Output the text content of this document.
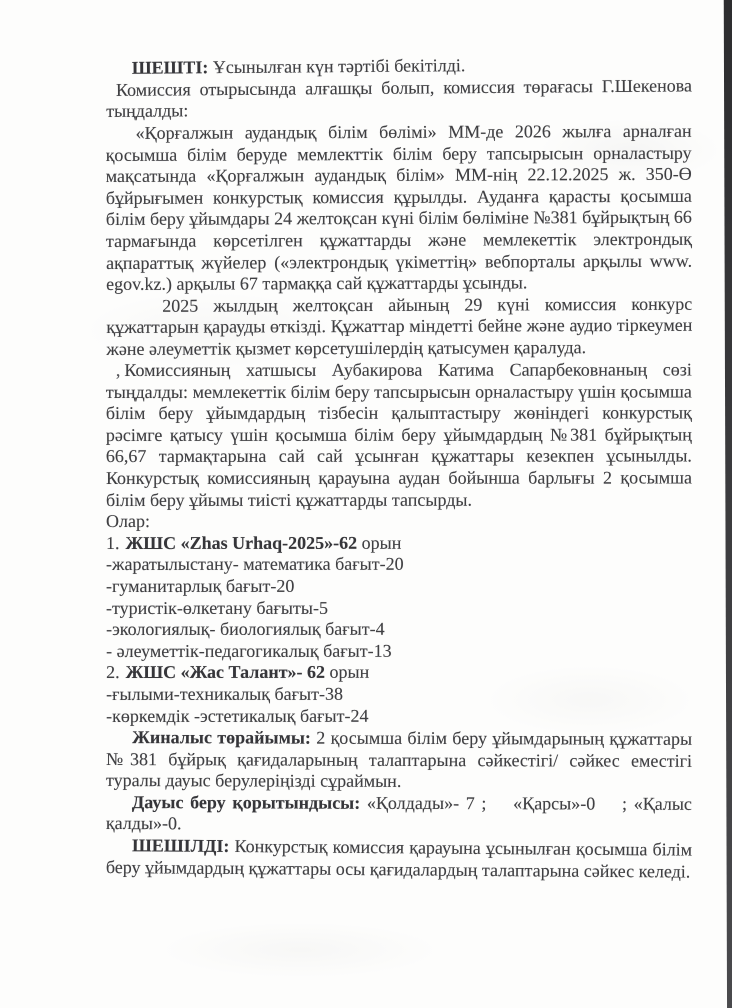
ШЕШТІ: Ұсынылған күн тәртібі бекітілді.

Комиссия отырысында алғашқы болып, комиссия төрағасы Г.Шекенова тыңдалды:

«Қорғалжын аудандық білім бөлімі» ММ-де 2026 жылға арналған қосымша білім беруде мемлекттік білім беру тапсырысын орналастыру мақсатында «Қорғалжын аудандық білім» ММ-нің 22.12.2025 ж. 350-Ө бұйрығымен конкурстық комиссия құрылды. Ауданға қарасты қосымша білім беру ұйымдары 24 желтоқсан күні білім бөліміне №381 бұйрықтың 66 тармағында көрсетілген құжаттарды және мемлекеттік электрондық ақпараттық жүйелер («электрондық үкіметтің» вебпорталы арқылы www. egov.kz.) арқылы 67 тармаққа сай құжаттарды ұсынды.

2025 жылдың желтоқсан айының 29 күні комиссия конкурс құжаттарын қарауды өткізді. Құжаттар міндетті бейне және аудио тіркеумен және әлеуметтік қызмет көрсетушілердің қатысумен қаралуда.

, Комиссияның хатшысы Аубакирова Катима Сапарбековнаның сөзі тыңдалды: мемлекеттік білім беру тапсырысын орналастыру үшін қосымша білім беру ұйымдардың тізбесін қалыптастыру жөніндегі конкурстық рәсімге қатысу үшін қосымша білім беру ұйымдардың №381 бұйрықтың 66,67 тармақтарына сай сай ұсынған құжаттары кезекпен ұсынылды. Конкурстық комиссияның қарауына аудан бойынша барлығы 2 қосымша білім беру ұйымы тиісті құжаттарды тапсырды.

Олар:

1. ЖШС «Zhas Urhaq-2025»-62 орын

-жаратылыстану- математика бағыт-20

-гуманитарлық бағыт-20

-туристік-өлкетану бағыты-5

-экологиялық- биологиялық бағыт-4

- әлеуметтік-педагогикалық бағыт-13

2. ЖШС «Жас Талант»- 62 орын

-ғылыми-техникалық бағыт-38

-көркемдік -эстетикалық бағыт-24

Жиналыс төрайымы: 2 қосымша білім беру ұйымдарының құжаттары №381 бұйрық қағидаларының талаптарына сәйкестігі/ сәйкес еместігі туралы дауыс берулеріңізді сұраймын.

Дауыс беру қорытындысы: «Қолдады»- 7 ;    «Қарсы»-0    ; «Қалыс қалды»-0.

ШЕШІЛДІ: Конкурстық комиссия қарауына ұсынылған қосымша білім беру ұйымдардың құжаттары осы қағидалардың талаптарына сәйкес келеді.
